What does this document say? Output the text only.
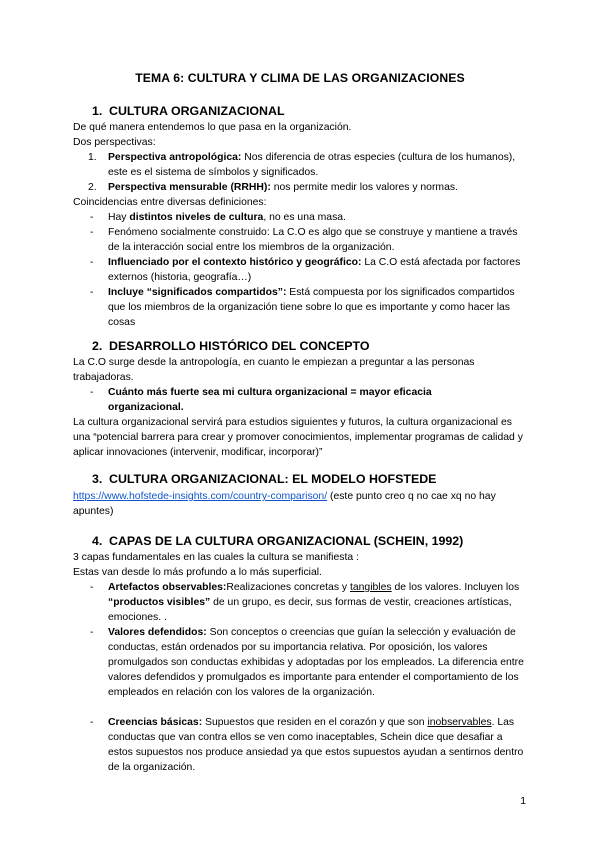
TEMA 6: CULTURA Y CLIMA DE LAS ORGANIZACIONES
1. CULTURA ORGANIZACIONAL
De qué manera entendemos lo que pasa en la organización.
Dos perspectivas:
1.	Perspectiva antropológica: Nos diferencia de otras especies (cultura de los humanos), este es el sistema de símbolos y significados.
2.	Perspectiva mensurable (RRHH): nos permite medir los valores y normas.
Coincidencias entre diversas definiciones:
-	Hay distintos niveles de cultura, no es una masa.
-	Fenómeno socialmente construido: La C.O es algo que se construye y mantiene a través de la interacción social entre los miembros de la organización.
-	Influenciado por el contexto histórico y geográfico: La C.O está afectada por factores externos (historia, geografía…)
-	Incluye “significados compartidos”: Está compuesta por los significados compartidos que los miembros de la organización tiene sobre lo que es importante y como hacer las cosas
2. DESARROLLO HISTÓRICO DEL CONCEPTO
La C.O surge desde la antropología, en cuanto le empiezan a preguntar a las personas trabajadoras.
-	Cuánto más fuerte sea mi cultura organizacional = mayor eficacia organizacional.
La cultura organizacional servirá para estudios siguientes y futuros, la cultura organizacional es una “potencial barrera para crear y promover conocimientos, implementar programas de calidad y aplicar innovaciones (intervenir, modificar, incorporar)”
3. CULTURA ORGANIZACIONAL: EL MODELO HOFSTEDE
https://www.hofstede-insights.com/country-comparison/ (este punto creo q no cae xq no hay apuntes)
4. CAPAS DE LA CULTURA ORGANIZACIONAL (SCHEIN, 1992)
3 capas fundamentales en las cuales la cultura se manifiesta :
Estas van desde lo más profundo a lo más superficial.
-	Artefactos observables:Realizaciones concretas y tangibles de los valores. Incluyen los “productos visibles” de un grupo, es decir, sus formas de vestir, creaciones artísticas, emociones. .
-	Valores defendidos: Son conceptos o creencias que guían la selección y evaluación de conductas, están ordenados por su importancia relativa. Por oposición, los valores promulgados son conductas exhibidas y adoptadas por los empleados. La diferencia entre valores defendidos y promulgados es importante para entender el comportamiento de los empleados en relación con los valores de la organización.
-	Creencias básicas: Supuestos que residen en el corazón y que son inobservables. Las conductas que van contra ellos se ven como inaceptables, Schein dice que desafiar a estos supuestos nos produce ansiedad ya que estos supuestos ayudan a sentirnos dentro de la organización.
1
